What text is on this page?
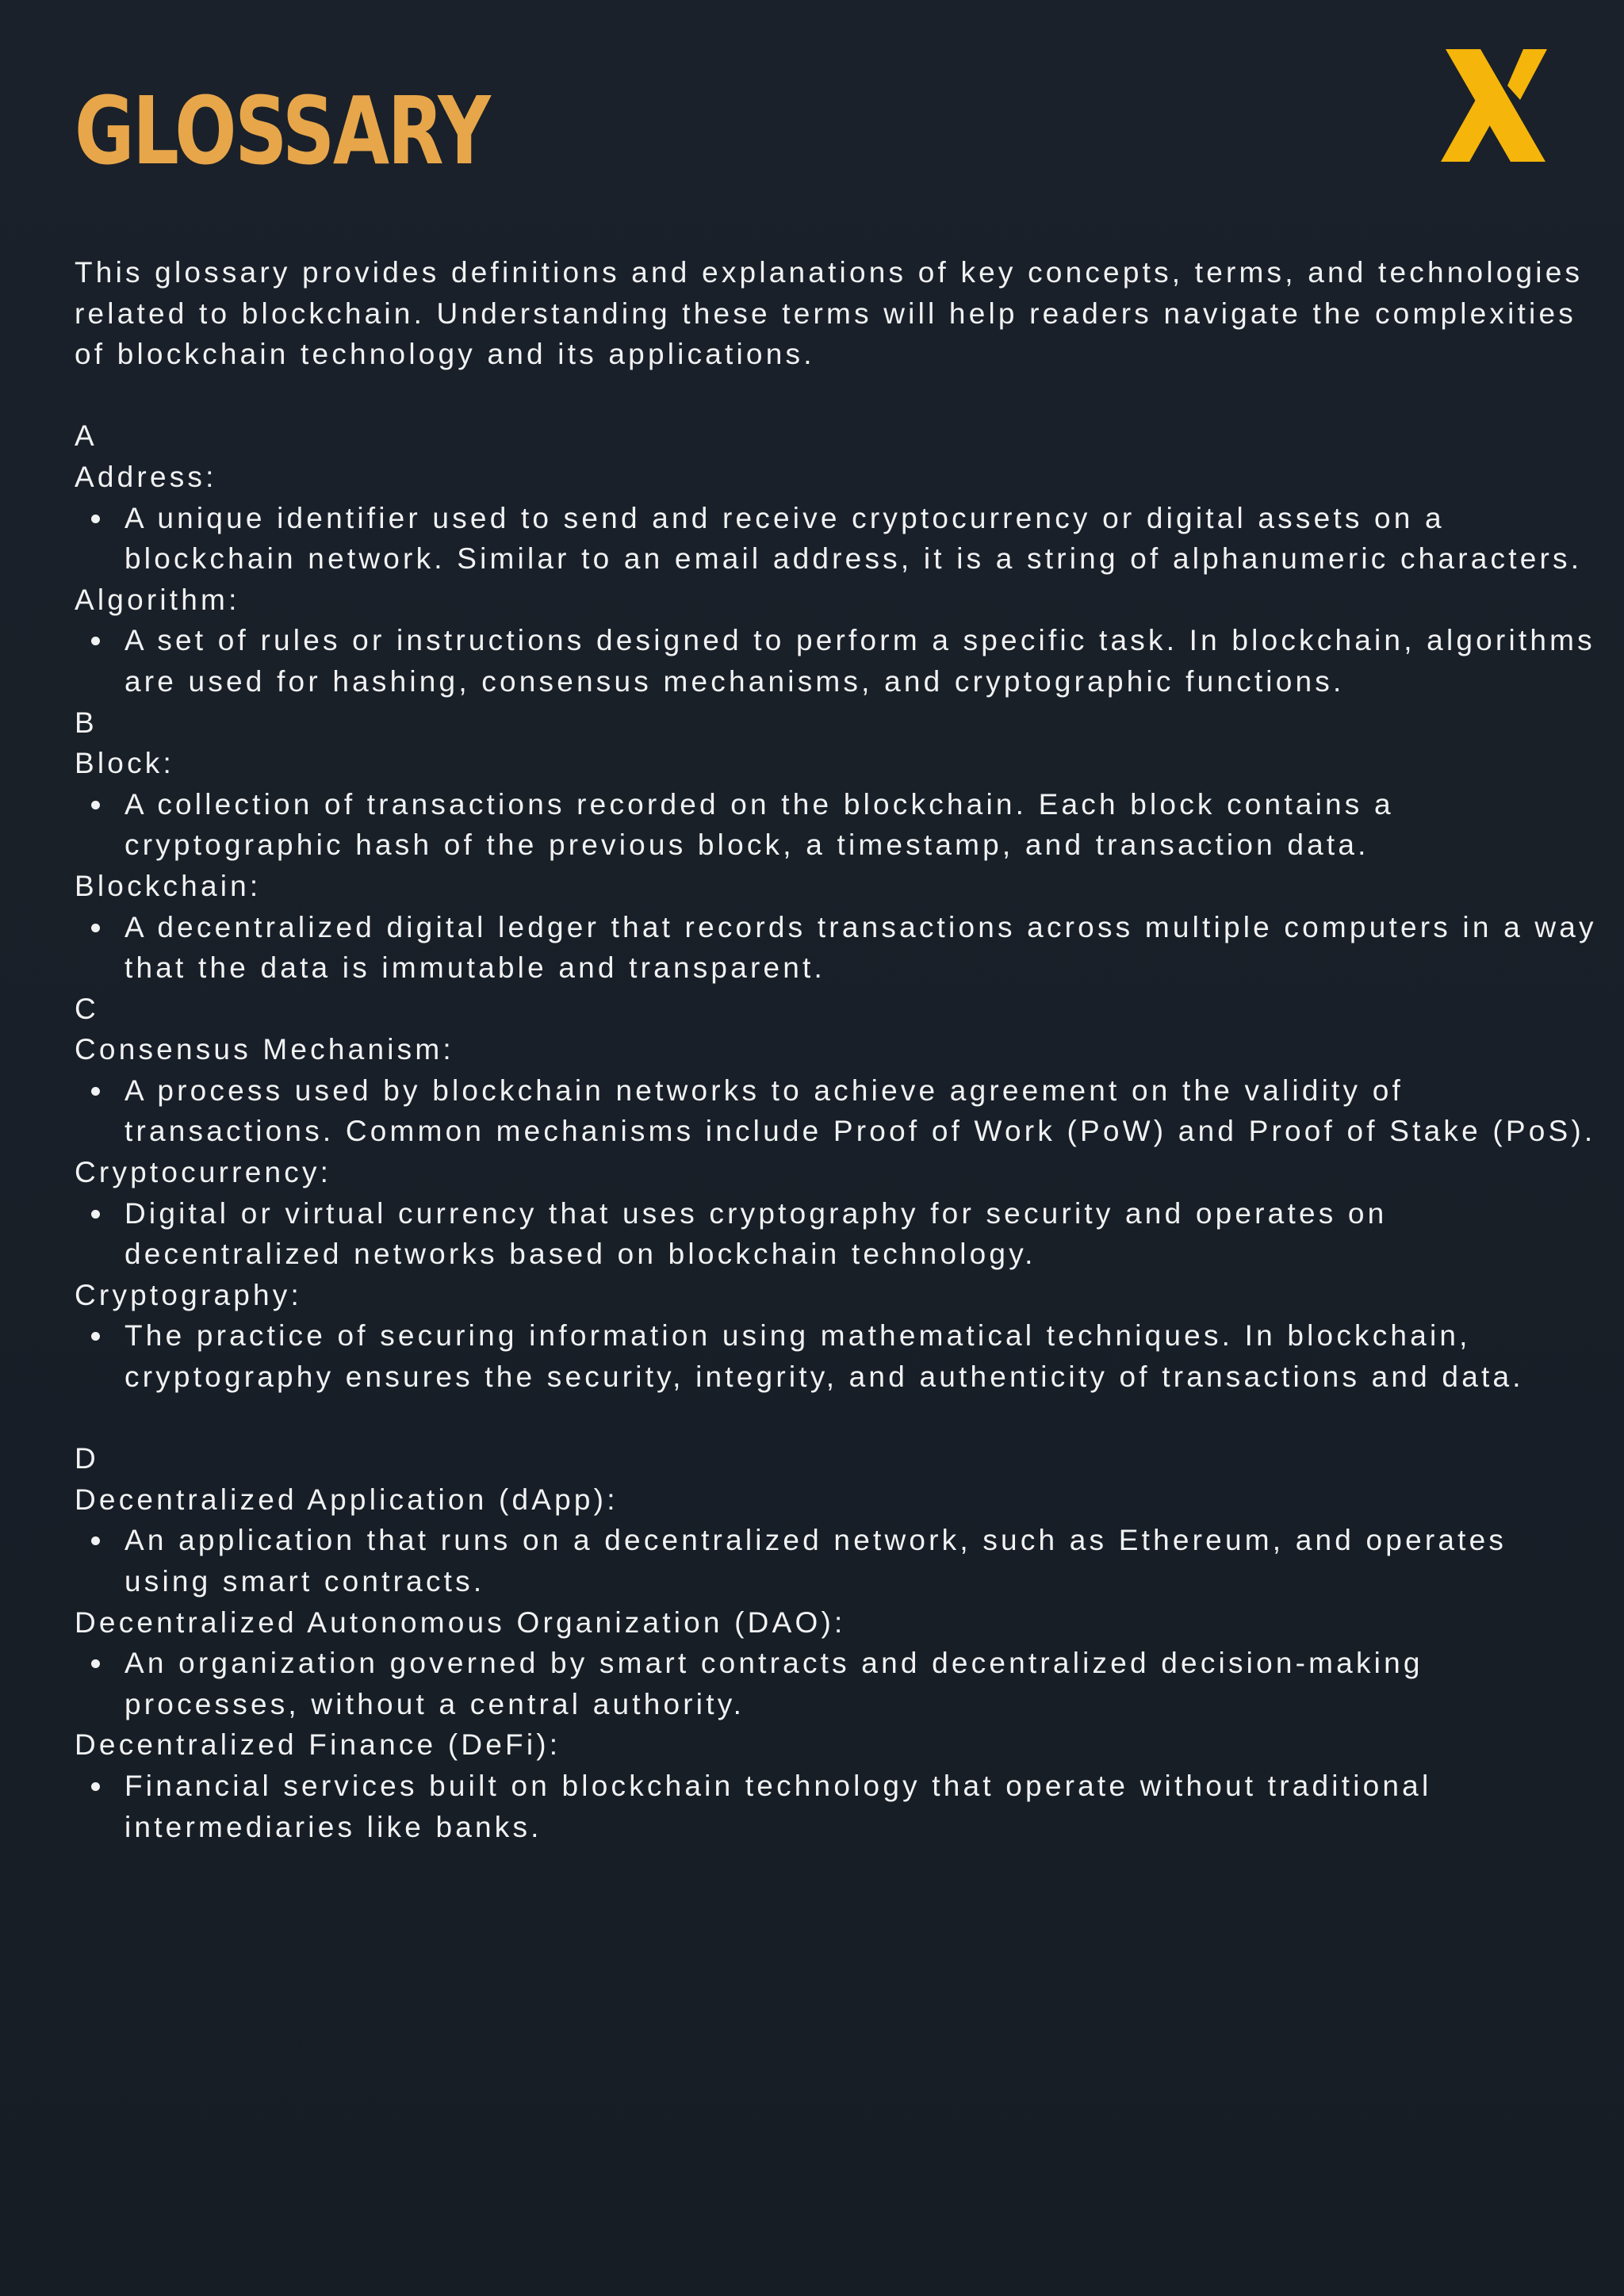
GLOSSARY

This glossary provides definitions and explanations of key concepts, terms, and technologies related to blockchain. Understanding these terms will help readers navigate the complexities of blockchain technology and its applications.

A

Address:

A unique identifier used to send and receive cryptocurrency or digital assets on a blockchain network. Similar to an email address, it is a string of alphanumeric characters.

Algorithm:

A set of rules or instructions designed to perform a specific task. In blockchain, algorithms are used for hashing, consensus mechanisms, and cryptographic functions.

B

Block:

A collection of transactions recorded on the blockchain. Each block contains a cryptographic hash of the previous block, a timestamp, and transaction data.

Blockchain:

A decentralized digital ledger that records transactions across multiple computers in a way that the data is immutable and transparent.

C

Consensus Mechanism:

A process used by blockchain networks to achieve agreement on the validity of transactions. Common mechanisms include Proof of Work (PoW) and Proof of Stake (PoS).

Cryptocurrency:

Digital or virtual currency that uses cryptography for security and operates on decentralized networks based on blockchain technology.

Cryptography:

The practice of securing information using mathematical techniques. In blockchain, cryptography ensures the security, integrity, and authenticity of transactions and data.

D

Decentralized Application (dApp):

An application that runs on a decentralized network, such as Ethereum, and operates using smart contracts.

Decentralized Autonomous Organization (DAO):

An organization governed by smart contracts and decentralized decision-making processes, without a central authority.

Decentralized Finance (DeFi):

Financial services built on blockchain technology that operate without traditional intermediaries like banks.
